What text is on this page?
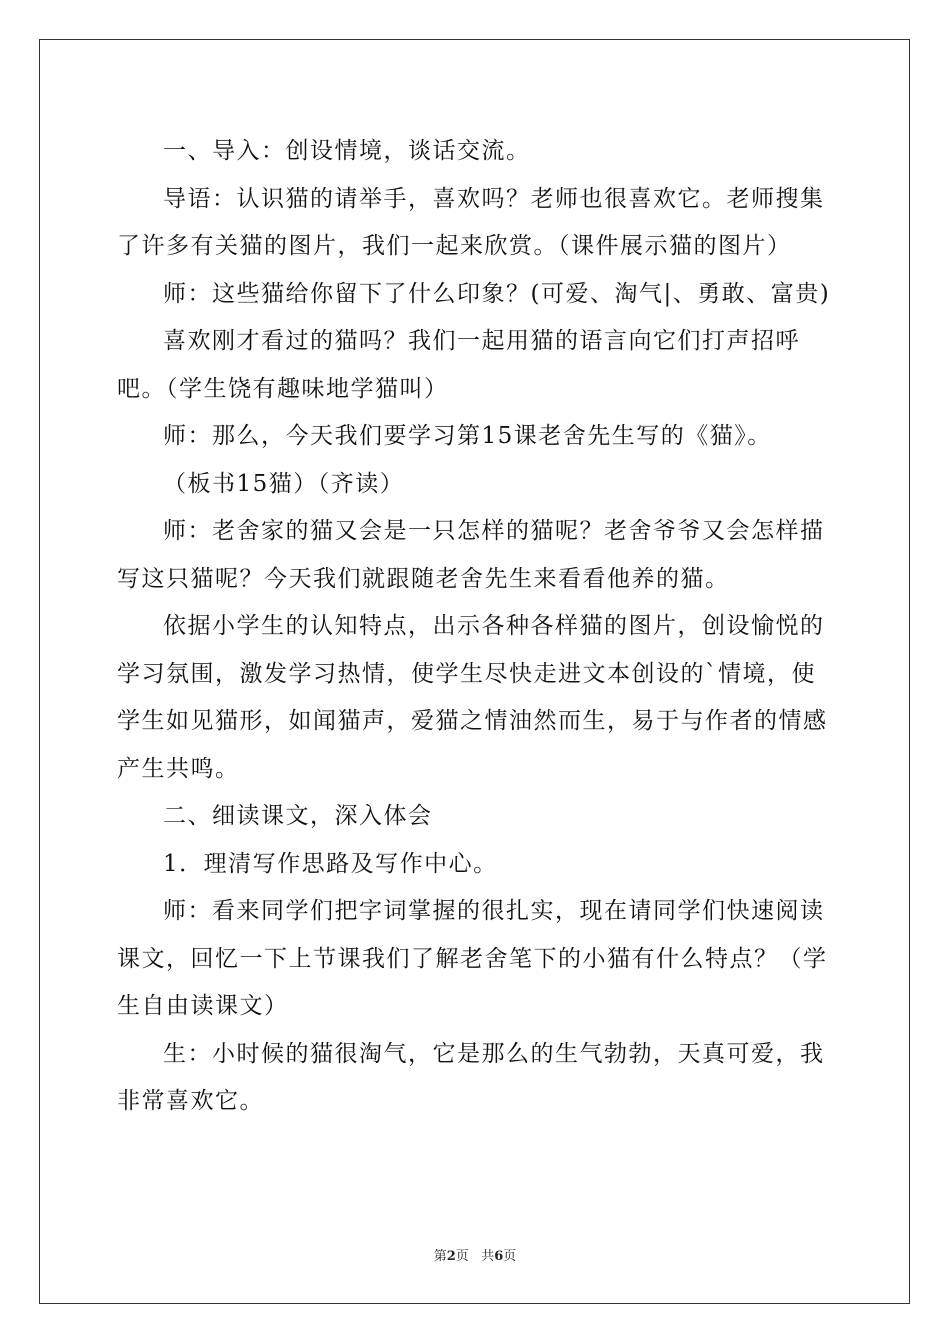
一、导入：创设情境，谈话交流。

导语：认识猫的请举手，喜欢吗？老师也很喜欢它。老师搜集了许多有关猫的图片，我们一起来欣赏。（课件展示猫的图片）

师：这些猫给你留下了什么印象？(可爱、淘气|、勇敢、富贵)

喜欢刚才看过的猫吗？我们一起用猫的语言向它们打声招呼吧。（学生饶有趣味地学猫叫）

师：那么，今天我们要学习第15课老舍先生写的《猫》。

（板书15猫）（齐读）

师：老舍家的猫又会是一只怎样的猫呢？老舍爷爷又会怎样描写这只猫呢？今天我们就跟随老舍先生来看看他养的猫。

依据小学生的认知特点，出示各种各样猫的图片，创设愉悦的学习氛围，激发学习热情，使学生尽快走进文本创设的`情境，使学生如见猫形，如闻猫声，爱猫之情油然而生，易于与作者的情感产生共鸣。

二、细读课文，深入体会

1．理清写作思路及写作中心。

师：看来同学们把字词掌握的很扎实，现在请同学们快速阅读课文，回忆一下上节课我们了解老舍笔下的小猫有什么特点？（学生自由读课文）

生：小时候的猫很淘气，它是那么的生气勃勃，天真可爱，我非常喜欢它。

第2页 共6页
